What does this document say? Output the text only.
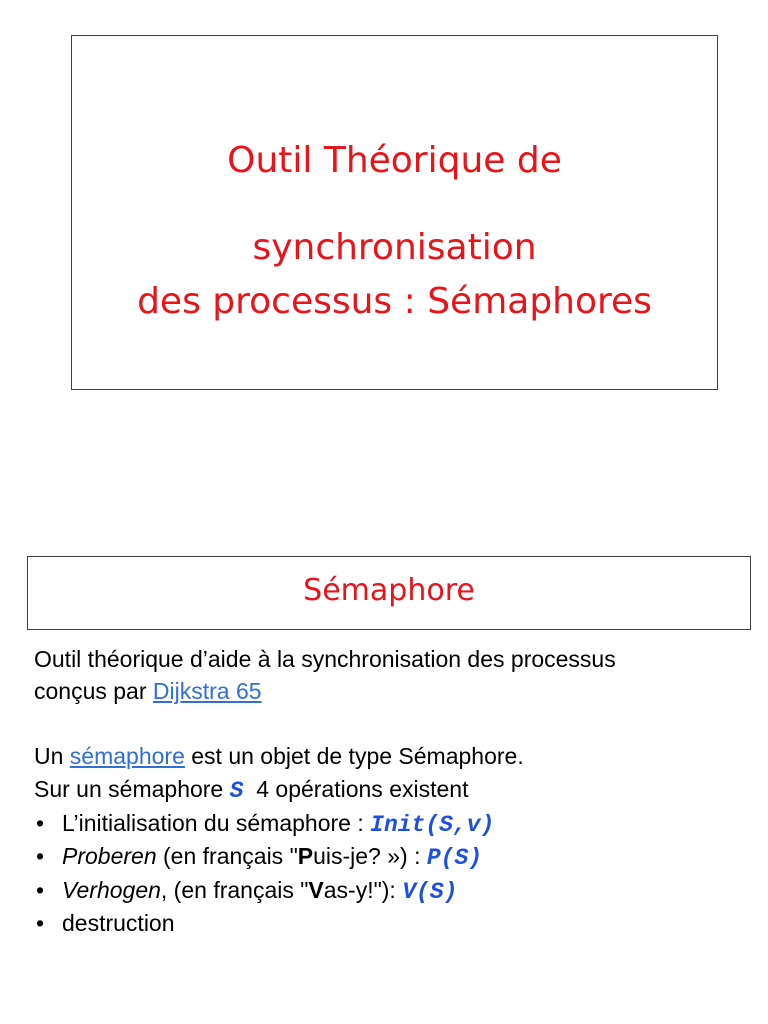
Outil Théorique de
synchronisation
des processus : Sémaphores
Sémaphore
Outil théorique d’aide à la synchronisation des processus
conçus par Dijkstra 65
Un sémaphore est un objet de type Sémaphore.
Sur un sémaphore S  4 opérations existent
• L’initialisation du sémaphore : Init(S,v)
• Proberen (en français "Puis-je? ») : P(S)
• Verhogen, (en français "Vas-y!"): V(S)
• destruction
